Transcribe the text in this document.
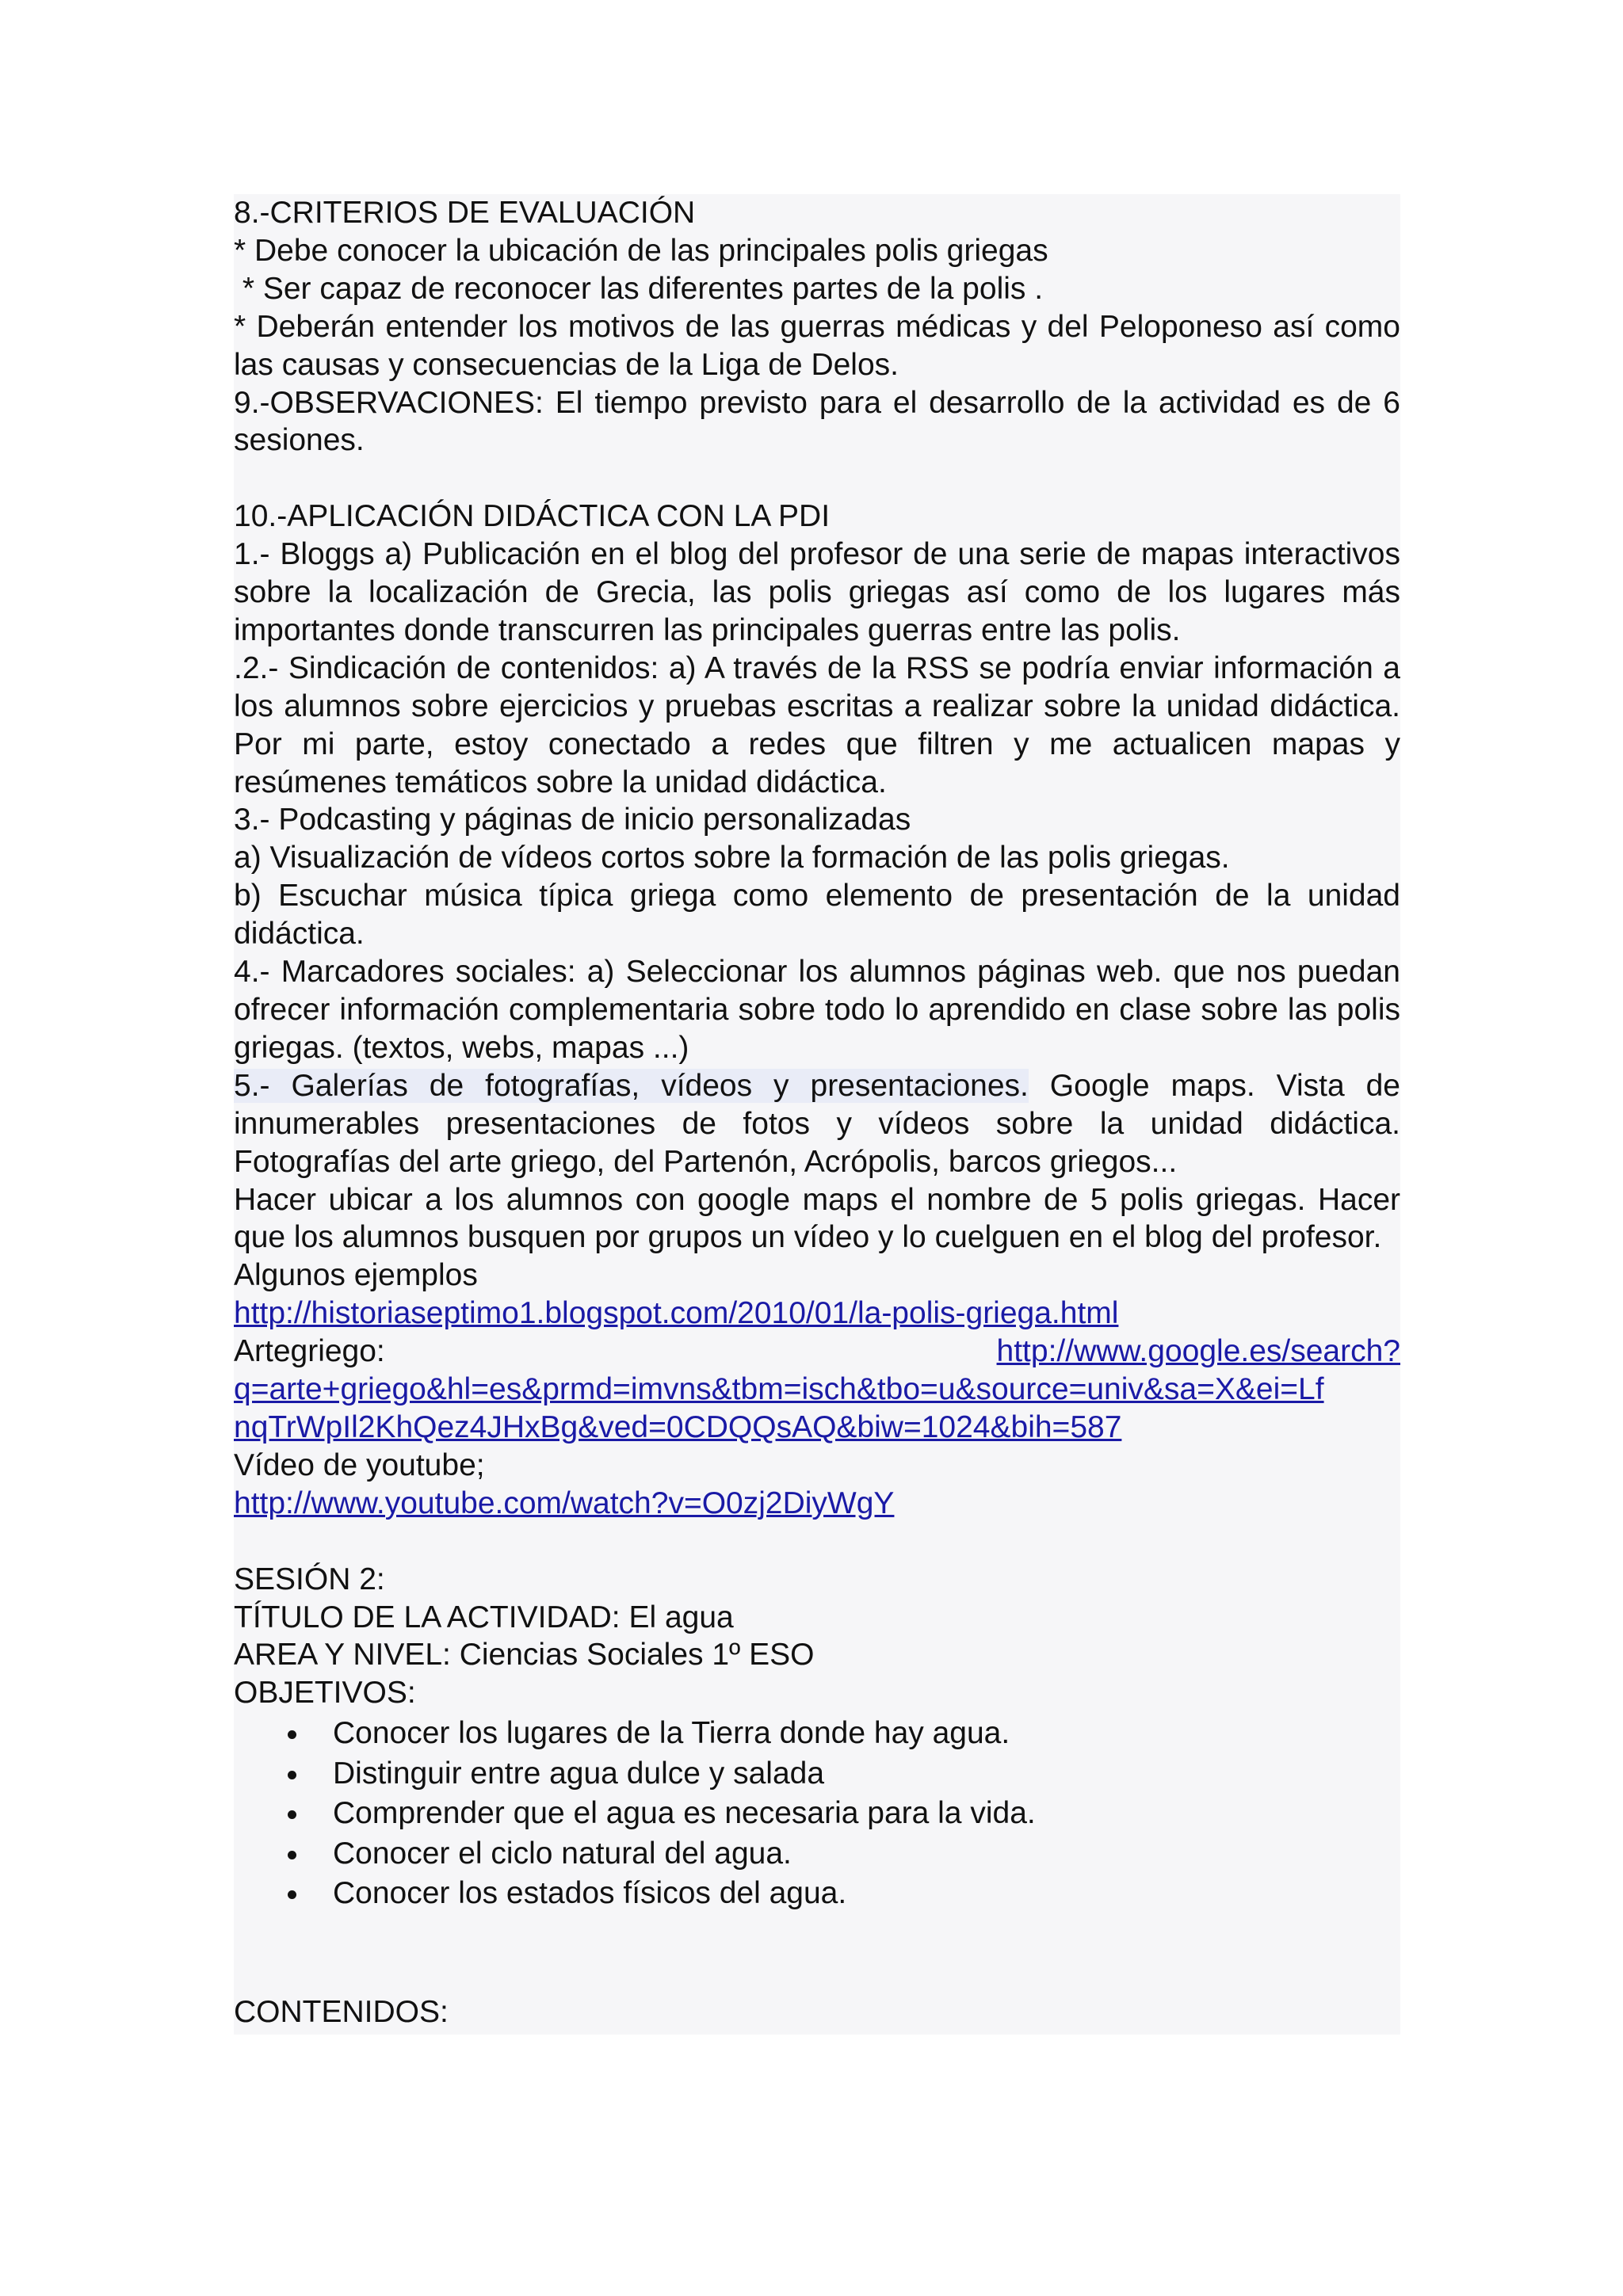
8.-CRITERIOS DE EVALUACIÓN

* Debe conocer la ubicación de las principales polis griegas

* Ser capaz de reconocer las diferentes partes de la polis .

* Deberán entender los motivos de las guerras médicas y del Peloponeso así como las causas y consecuencias de la Liga de Delos.

9.-OBSERVACIONES: El tiempo previsto para el desarrollo de la actividad es de 6 sesiones.

10.-APLICACIÓN DIDÁCTICA CON LA PDI

1.- Bloggs a) Publicación en el blog del profesor de una serie de mapas interactivos sobre la localización de Grecia, las polis griegas así como de los lugares más importantes donde transcurren las principales guerras entre las polis.

.2.- Sindicación de contenidos: a) A través de la RSS se podría enviar información a los alumnos sobre ejercicios y pruebas escritas a realizar sobre la unidad didáctica. Por mi parte, estoy conectado a redes que filtren y me actualicen mapas y resúmenes temáticos sobre la unidad didáctica.

3.- Podcasting y páginas de inicio personalizadas

a) Visualización de vídeos cortos sobre la formación de las polis griegas.

b) Escuchar música típica griega como elemento de presentación de la unidad didáctica.

4.- Marcadores sociales: a) Seleccionar los alumnos páginas web. que nos puedan ofrecer información complementaria sobre todo lo aprendido en clase sobre las polis griegas. (textos, webs, mapas ...)

5.- Galerías de fotografías, vídeos y presentaciones. Google maps. Vista de innumerables presentaciones de fotos y vídeos sobre la unidad didáctica. Fotografías del arte griego, del Partenón, Acrópolis, barcos griegos...

Hacer ubicar a los alumnos con google maps el nombre de 5 polis griegas. Hacer que los alumnos busquen por grupos un vídeo y lo cuelguen en el blog del profesor.

Algunos ejemplos

http://historiaseptimo1.blogspot.com/2010/01/la-polis-griega.html

Artegriego:	http://www.google.es/search?

q=arte+griego&hl=es&prmd=imvns&tbm=isch&tbo=u&source=univ&sa=X&ei=Lf

nqTrWpIl2KhQez4JHxBg&ved=0CDQQsAQ&biw=1024&bih=587

Vídeo de youtube;

http://www.youtube.com/watch?v=O0zj2DiyWgY

SESIÓN 2:

TÍTULO DE LA ACTIVIDAD: El agua

AREA Y NIVEL: Ciencias Sociales 1º ESO

OBJETIVOS:

Conocer los lugares de la Tierra donde hay agua.
Distinguir entre agua dulce y salada
Comprender que el agua es necesaria para la vida.
Conocer el ciclo natural del agua.
Conocer los estados físicos del agua.

CONTENIDOS:
